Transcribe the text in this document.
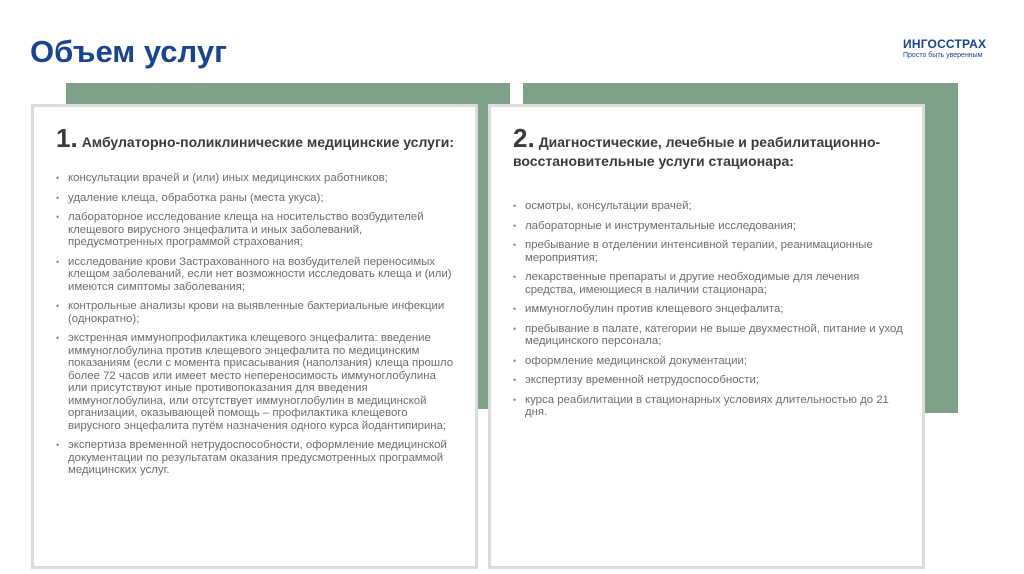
Объем услуг	ИНГОССТРАХ
Просто быть уверенным

1. Амбулаторно-поликлинические медицинские услуги:

• консультации врачей и (или) иных медицинских работников;
• удаление клеща, обработка раны (места укуса);
• лабораторное исследование клеща на носительство возбудителей клещевого вирусного энцефалита и иных заболеваний, предусмотренных программой страхования;
• исследование крови Застрахованного на возбудителей переносимых клещом заболеваний, если нет возможности исследовать клеща и (или) имеются симптомы заболевания;
• контрольные анализы крови на выявленные бактериальные инфекции (однократно);
• экстренная иммунопрофилактика клещевого энцефалита: введение иммуноглобулина против клещевого энцефалита по медицинским показаниям (если с момента присасывания (наползания) клеща прошло более 72 часов или имеет место непереносимость иммуноглобулина или присутствуют иные противопоказания для введения иммуноглобулина, или отсутствует иммуноглобулин в медицинской организации, оказывающей помощь – профилактика клещевого вирусного энцефалита путём назначения одного курса йодантипирина;
• экспертиза временной нетрудоспособности, оформление медицинской документации по результатам оказания предусмотренных программой медицинских услуг.

2. Диагностические, лечебные и реабилитационно-восстановительные услуги стационара:

• осмотры, консультации врачей;
• лабораторные и инструментальные исследования;
• пребывание в отделении интенсивной терапии, реанимационные мероприятия;
• лекарственные препараты и другие необходимые для лечения средства, имеющиеся в наличии стационара;
• иммуноглобулин против клещевого энцефалита;
• пребывание в палате, категории не выше двухместной, питание и уход медицинского персонала;
• оформление медицинской документации;
• экспертизу временной нетрудоспособности;
• курса реабилитации в стационарных условиях длительностью до 21 дня.
